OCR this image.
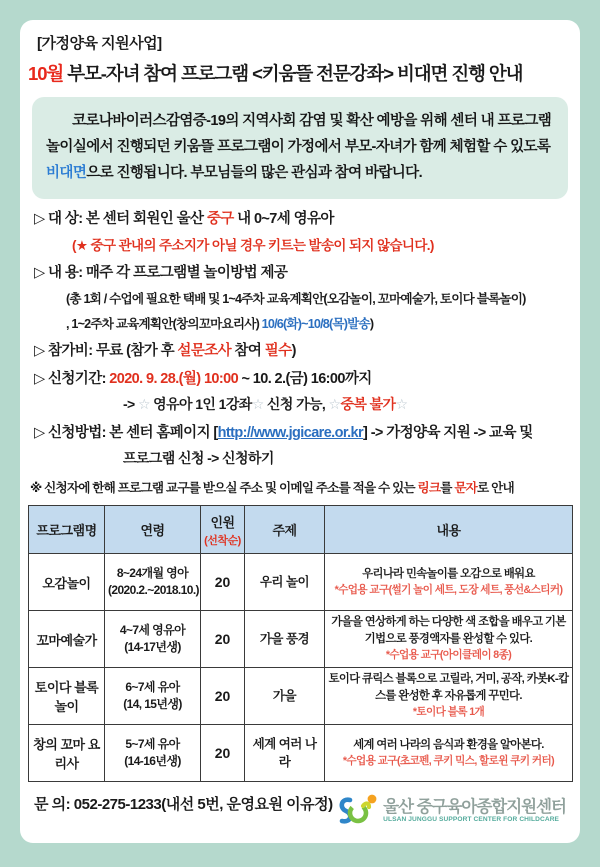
[가정양육 지원사업]
10월 부모-자녀 참여 프로그램 <키움뜰 전문강좌> 비대면 진행 안내
코로나바이러스감염증-19의 지역사회 감염 및 확산 예방을 위해 센터 내 프로그램 놀이실에서 진행되던 키움뜰 프로그램이 가정에서 부모-자녀가 함께 체험할 수 있도록 비대면으로 진행됩니다. 부모님들의 많은 관심과 참여 바랍니다.
▷ 대 상: 본 센터 회원인 울산 중구 내 0~7세 영유아
(★ 중구 관내의 주소지가 아닐 경우 키트는 발송이 되지 않습니다.)
▷ 내 용: 매주 각 프로그램별 놀이방법 제공
(총 1회 / 수업에 필요한 택배 및 1~4주차 교육계획안(오감놀이, 꼬마예술가, 토이다 블록놀이)
, 1~2주차 교육계획안(창의꼬마요리사) 10/6(화)~10/8(목)발송)
▷ 참가비: 무료 (참가 후 설문조사 참여 필수)
▷ 신청기간: 2020. 9. 28.(월) 10:00 ~ 10. 2.(금) 16:00까지
-> ☆ 영유아 1인 1강좌☆ 신청 가능, ☆중복 불가☆
▷ 신청방법: 본 센터 홈페이지 [http://www.jgicare.or.kr] -> 가정양육 지원 -> 교육 및
프로그램 신청 -> 신청하기
※ 신청자에 한해 프로그램 교구를 받으실 주소 및 이메일 주소를 적을 수 있는 링크를 문자로 안내
프로그램명	연령	인원
(선착순)	주제	내용
오감놀이	8~24개월 영아
(2020.2.~2018.10.)	20	우리 놀이	우리나라 민속놀이를 오감으로 배워요
*수업용 교구(썰기 놀이 세트, 도장 세트, 풍선&스티커)

꼬마예술가	4~7세 영유아
(14-17년생)	20	가을 풍경	가을을 연상하게 하는 다양한 색 조합을 배우고 기본 기법으로 풍경액자를 완성할 수 있다.
*수업용 교구(아이클레이 8종)

토이다 블록놀이	6~7세 유아
(14, 15년생)	20	가을	토이다 큐릭스 블록으로 고릴라, 거미, 공작, 카봇K-캅스를 완성한 후 자유롭게 꾸민다.
*토이다 블록 1개

창의 꼬마 요리사	5~7세 유아
(14-16년생)	20	세계 여러 나라	세계 여러 나라의 음식과 환경을 알아본다.
*수업용 교구(초코펜, 쿠키 믹스, 할로윈 쿠키 커터)
문 의: 052-275-1233(내선 5번, 운영요원 이유정)	울산 중구육아종합지원센터
ULSAN JUNGGU SUPPORT CENTER FOR CHILDCARE
